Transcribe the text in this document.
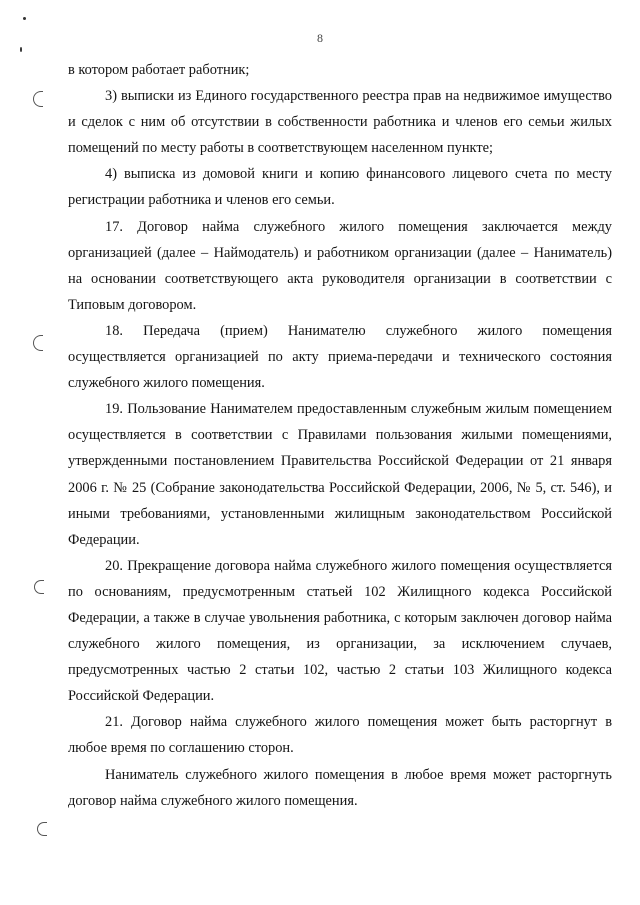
8

в котором работает работник;

3) выписки из Единого государственного реестра прав на недвижимое имущество и сделок с ним об отсутствии в собственности работника и членов его семьи жилых помещений по месту работы в соответствующем населенном пункте;

4) выписка из домовой книги и копию финансового лицевого счета по месту регистрации работника и членов его семьи.

17. Договор найма служебного жилого помещения заключается между организацией (далее – Наймодатель) и работником организации (далее – Наниматель) на основании соответствующего акта руководителя организации в соответствии с Типовым договором.

18. Передача (прием) Нанимателю служебного жилого помещения осуществляется организацией по акту приема-передачи и технического состояния служебного жилого помещения.

19. Пользование Нанимателем предоставленным служебным жилым помещением осуществляется в соответствии с Правилами пользования жилыми помещениями, утвержденными постановлением Правительства Российской Федерации от 21 января 2006 г. № 25 (Собрание законодательства Российской Федерации, 2006, № 5, ст. 546), и иными требованиями, установленными жилищным законодательством Российской Федерации.

20. Прекращение договора найма служебного жилого помещения осуществляется по основаниям, предусмотренным статьей 102 Жилищного кодекса Российской Федерации, а также в случае увольнения работника, с которым заключен договор найма служебного жилого помещения, из организации, за исключением случаев, предусмотренных частью 2 статьи 102, частью 2 статьи 103 Жилищного кодекса Российской Федерации.

21. Договор найма служебного жилого помещения может быть расторгнут в любое время по соглашению сторон.

Наниматель служебного жилого помещения в любое время может расторгнуть договор найма служебного жилого помещения.
